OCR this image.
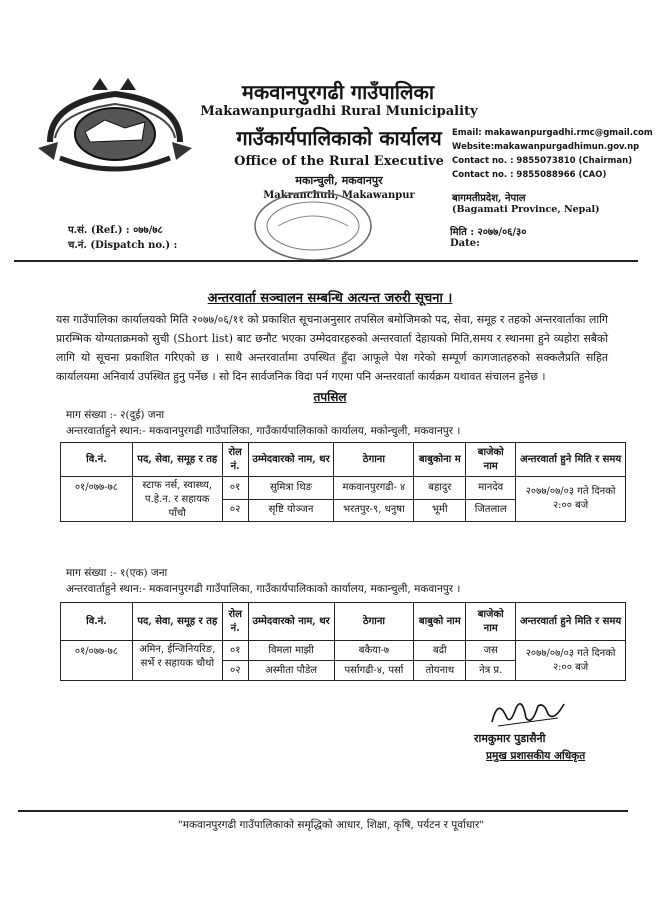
मकवानपुरगढी गाउँपालिका
Makawanpurgadhi Rural Municipality
गाउँकार्यपालिकाको कार्यालय
Office of the Rural Executive
मकान्चुली, मकवानपुर
Makranchuli, Makawanpur
Email: makawanpurgadhi.rmc@gmail.com
Website:makawanpurgadhimun.gov.np
Contact no. : 9855073810 (Chairman)
Contact no. : 9855088966 (CAO)
बागमतीप्रदेश, नेपाल
(Bagamati Province, Nepal)
प.सं. (Ref.) : ०७७/७८
च.नं. (Dispatch no.) :
मिति : २०७७/०६/३०
Date:
अन्तरवार्ता सञ्चालन सम्बन्धि अत्यन्त जरुरी सूचना ।
यस गाउँपालिका कार्यालयको मिति २०७७/०६/११ को प्रकाशित सूचनाअनुसार तपसिल बमोजिमको पद, सेवा, समूह र तहको अन्तरवार्ताका लागि प्रारम्भिक योग्यताक्रमको सुची (Short list) बाट छनौट भएका उम्मेदवारहरुको अन्तरवार्ता देहायको मिति,समय र स्थानमा हुने व्यहोरा सबैको लागि यो सूचना प्रकाशित गरिएको छ । साथै अन्तरवार्तामा उपस्थित हुँदा आफूले पेश गरेको सम्पूर्ण कागजातहरुको सक्कलैप्रति सहित कार्यालयमा अनिवार्य उपस्थित हुनु पर्नेछ । सो दिन सार्वजनिक विदा पर्न गएमा पनि अन्तरवार्ता कार्यक्रम यथावत संचालन हुनेछ ।
तपसिल
माग संख्या :- २(दुई) जना
अन्तरवार्ताहुने स्थान:- मकवानपुरगढी गाउँपालिका, गाउँकार्यपालिकाको कार्यालय, मकोन्चुली, मकवानपुर ।
वि.नं.	पद, सेवा, समूह र तह	रोल नं.	उम्मेदवारको नाम, थर	ठेगाना	बाबुकोना म	बाजेको नाम	अन्तरवार्ता हुने मिति र समय
०१/०७७-७८	स्टाफ नर्स, स्वास्थ्य, प.हे.न. र सहायक पाँचौ	०१	सुमित्रा थिङ	मकवानपुरगढी- ४	बहादुर	मानदेव	२०७७/०७/०३ गते दिनको २:०० बजे
		०२	सृष्टि योञ्जन	भरतपुर-९, धनुषा	भूमी	जितलाल	
माग संख्या :- १(एक) जना
अन्तरवार्ताहुने स्थान:- मकवानपुरगढी गाउँपालिका, गाउँकार्यपालिकाको कार्यालय, मकान्चुली, मकवानपुर ।
वि.नं.	पद, सेवा, समूह र तह	रोल नं.	उम्मेदवारको नाम, थर	ठेगाना	बाबुको नाम	बाजेको नाम	अन्तरवार्ता हुने मिति र समय
०१/०७७-७८	अमिन, ईन्जिनियरिङ, सर्भे र सहायक चौथो	०१	विमला माझी	बकैया-७	बद्री	जस	२०७७/०७/०३ गते दिनको २:०० बजे
		०२	अस्मीता पौडेल	पर्सागढी-४, पर्सा	तोयनाथ	नेत्र प्र.	
रामकुमार पुडासैनी
प्रमुख प्रशासकीय अधिकृत
"मकवानपुरगढी गाउँपालिकाको समृद्धिको आधार, शिक्षा, कृषि, पर्यटन र पूर्वाधार"
